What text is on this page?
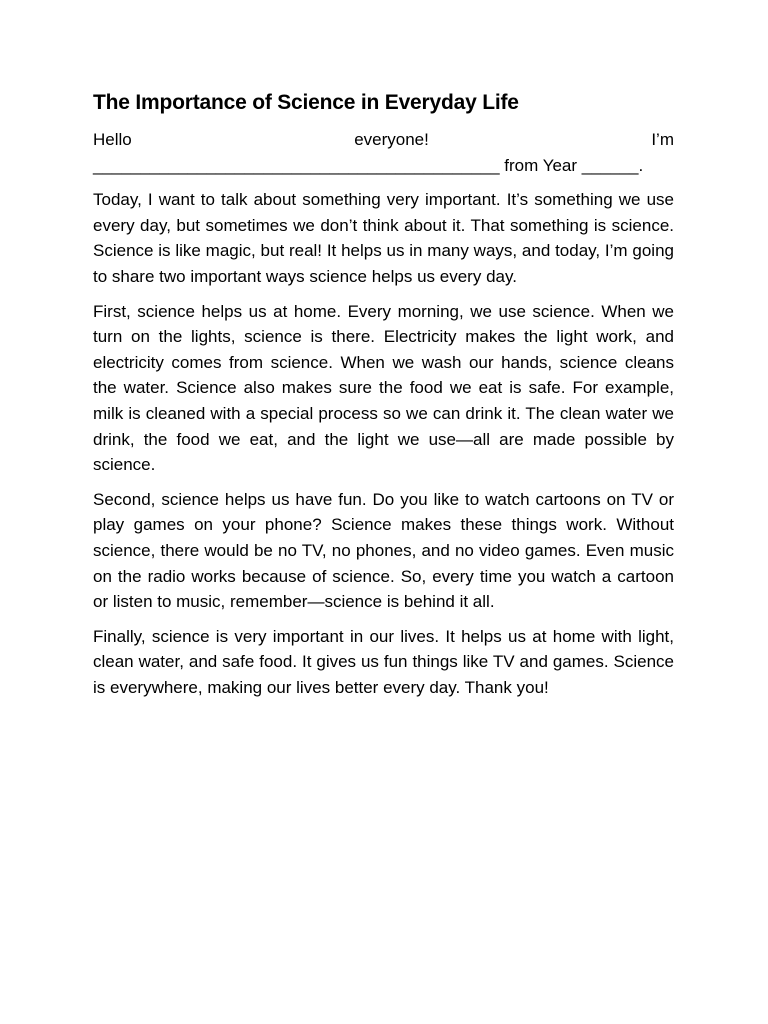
The Importance of Science in Everyday Life
Hello	everyone!	I’m
___________________________________________ from Year ______.

Today, I want to talk about something very important. It’s something we use every day, but sometimes we don’t think about it. That something is science. Science is like magic, but real! It helps us in many ways, and today, I’m going to share two important ways science helps us every day.

First, science helps us at home. Every morning, we use science. When we turn on the lights, science is there. Electricity makes the light work, and electricity comes from science. When we wash our hands, science cleans the water. Science also makes sure the food we eat is safe. For example, milk is cleaned with a special process so we can drink it. The clean water we drink, the food we eat, and the light we use—all are made possible by science.

Second, science helps us have fun. Do you like to watch cartoons on TV or play games on your phone? Science makes these things work. Without science, there would be no TV, no phones, and no video games. Even music on the radio works because of science. So, every time you watch a cartoon or listen to music, remember—science is behind it all.

Finally, science is very important in our lives. It helps us at home with light, clean water, and safe food. It gives us fun things like TV and games. Science is everywhere, making our lives better every day. Thank you!
